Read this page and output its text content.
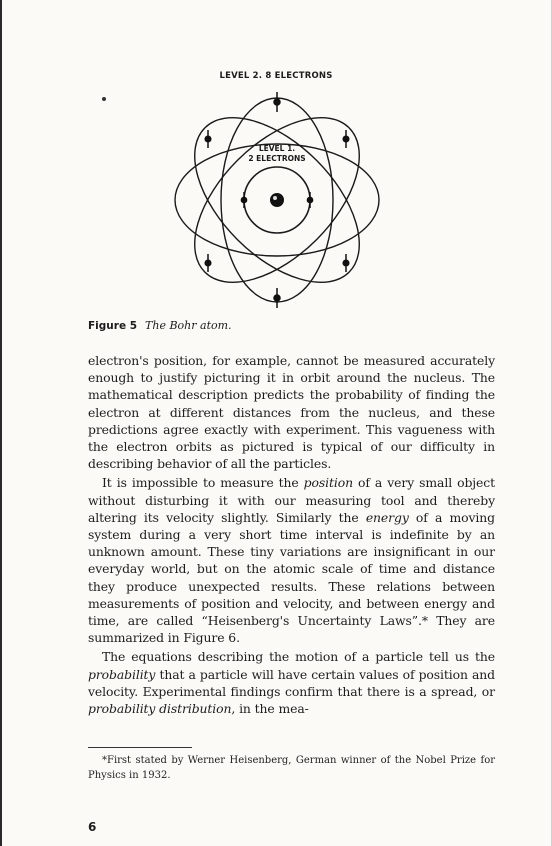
LEVEL 2. 8 ELECTRONS
LEVEL 1.
2 ELECTRONS
Figure 5 The Bohr atom.

electron's position, for example, cannot be measured accurately enough to justify picturing it in orbit around the nucleus. The mathematical description predicts the probability of finding the electron at different distances from the nucleus, and these predictions agree exactly with experiment. This vagueness with the electron orbits as pictured is typical of our difficulty in describing behavior of all the particles.

It is impossible to measure the position of a very small object without disturbing it with our measuring tool and thereby altering its velocity slightly. Similarly the energy of a moving system during a very short time interval is indefinite by an unknown amount. These tiny variations are insignificant in our everyday world, but on the atomic scale of time and distance they produce unexpected results. These relations between measurements of position and velocity, and between energy and time, are called “Heisenberg's Uncertainty Laws”.* They are summarized in Figure 6.

The equations describing the motion of a particle tell us the probability that a particle will have certain values of position and velocity. Experimental findings confirm that there is a spread, or probability distribution, in the mea-

*First stated by Werner Heisenberg, German winner of the Nobel Prize for Physics in 1932.
6
